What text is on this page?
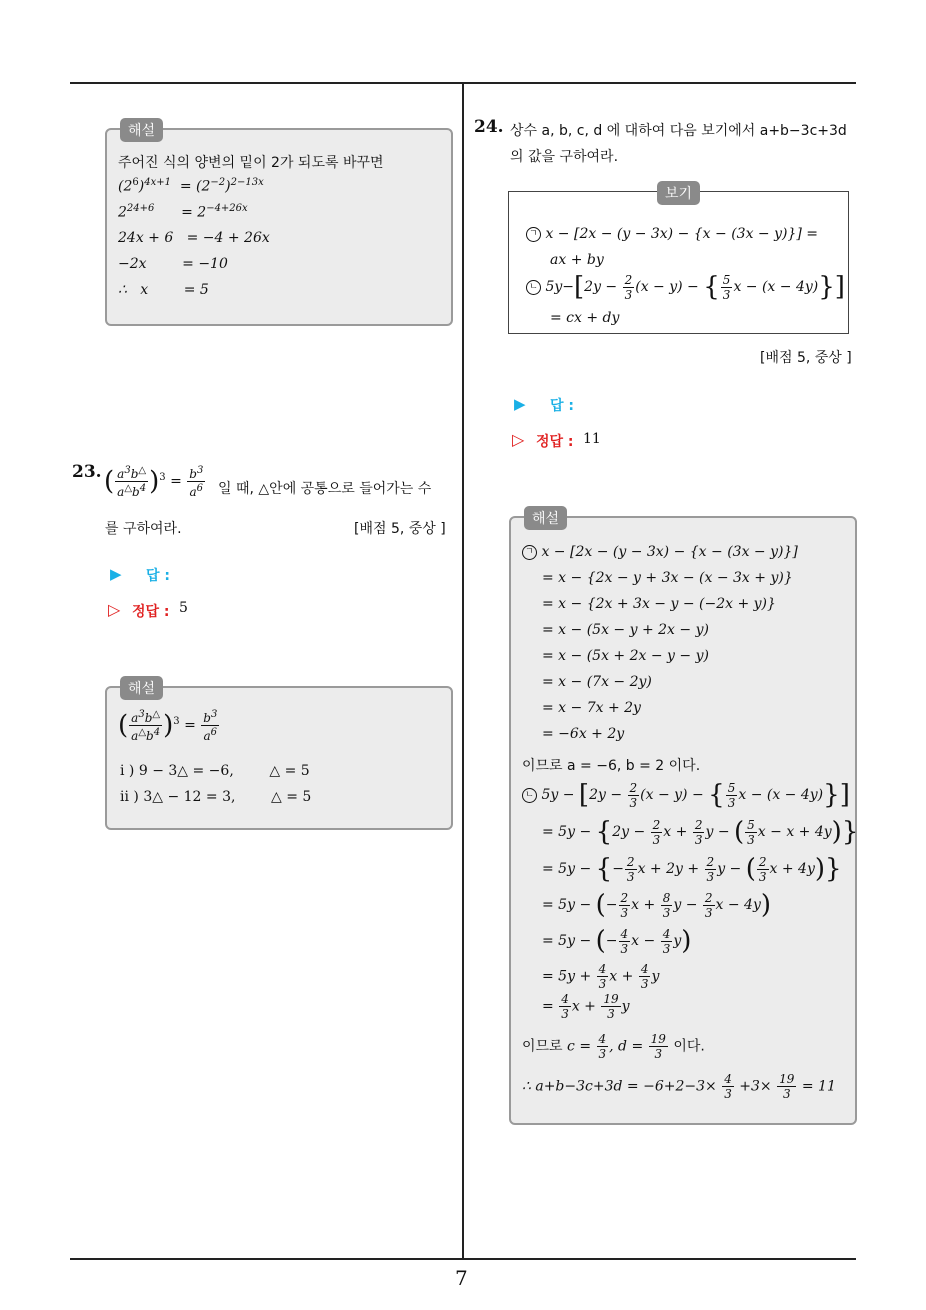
7
해설
주어진 식의 양변의 밑이 2가 되도록 바꾸면
$(2^6)^{4x+1} = (2^{-2})^{2-13x}$
$2^{24+6}$      = $2^{-4+26x}$
24x + 6   = −4 + 26x
−2x        = −10
∴   x        = 5
23. ( $\frac{a^3b^\triangle}{a^\triangle b^4} )^3 = \frac{b^3}{a^6}$ 일 때, △안에 공통으로 들어가는 수
를 구하여라.	[배점 5, 중상 ]
▶ 답 :
▷ 정답 : 5
해설
( $\frac{a^3b^\triangle}{a^\triangle b^4} )^3 = \frac{b^3}{a^6}$
i ) 9 − 3△ = −6,        △ = 5
ii ) 3△ − 12 = 3,        △ = 5
24. 상수 a, b, c, d 에 대하여 다음 보기에서 a+b−3c+3d
의 값을 구하여라.
보기
ㄱ x − [2x − (y − 3x) − {x − (3x − y)}] =
ax + by
ㄴ $5y-[2y - \frac{2}{3} (x - y)$ − { $\frac{5}{3}$ x − (x − 4y)}]
= cx + dy
[배점 5, 중상 ]
▶ 답 :
▷ 정답 : 11
해설
ㄱ x − [2x − (y − 3x) − {x − (3x − y)}]
= x − {2x − y + 3x − (x − 3x + y)}
= x − {2x + 3x − y − (−2x + y)}
= x − (5x − y + 2x − y)
= x − (5x + 2x − y − y)
= x − (7x − 2y)
= x − 7x + 2y
= −6x + 2y
이므로 a = −6, b = 2 이다.
ㄴ $5y - [2y - \frac{2}{3} (x - y)$ − { $\frac{5}{3}$ x − (x − 4y)}]
= $5y - \{2y - \frac{2}{3}$ $x + \frac{2}{3}$ y − ( $\frac{5}{3}$ x − x + 4y)}
= 5y − {− $\frac{2}{3}$ $x + 2y + \frac{2}{3}$ y − ( $\frac{2}{3}$ x + 4y)}
= 5y − (− $\frac{2}{3}$ $x + \frac{8}{3}$ $y - \frac{2}{3}$ x − 4y)
= 5y − (− $\frac{4}{3}$ $x - \frac{4}{3} y$)
= $5y + \frac{4}{3}$ $x + \frac{4}{3}$ y
= $\frac{4}{3}$ $x + \frac{19}{3}$ y
이므로 $c = \frac{4}{3}$ , $d = \frac{19}{3}$ 이다.
∴ $a+b-3c+3d = -6+2-3\times \frac{4}{3} +3\times \frac{19}{3} = 11$
